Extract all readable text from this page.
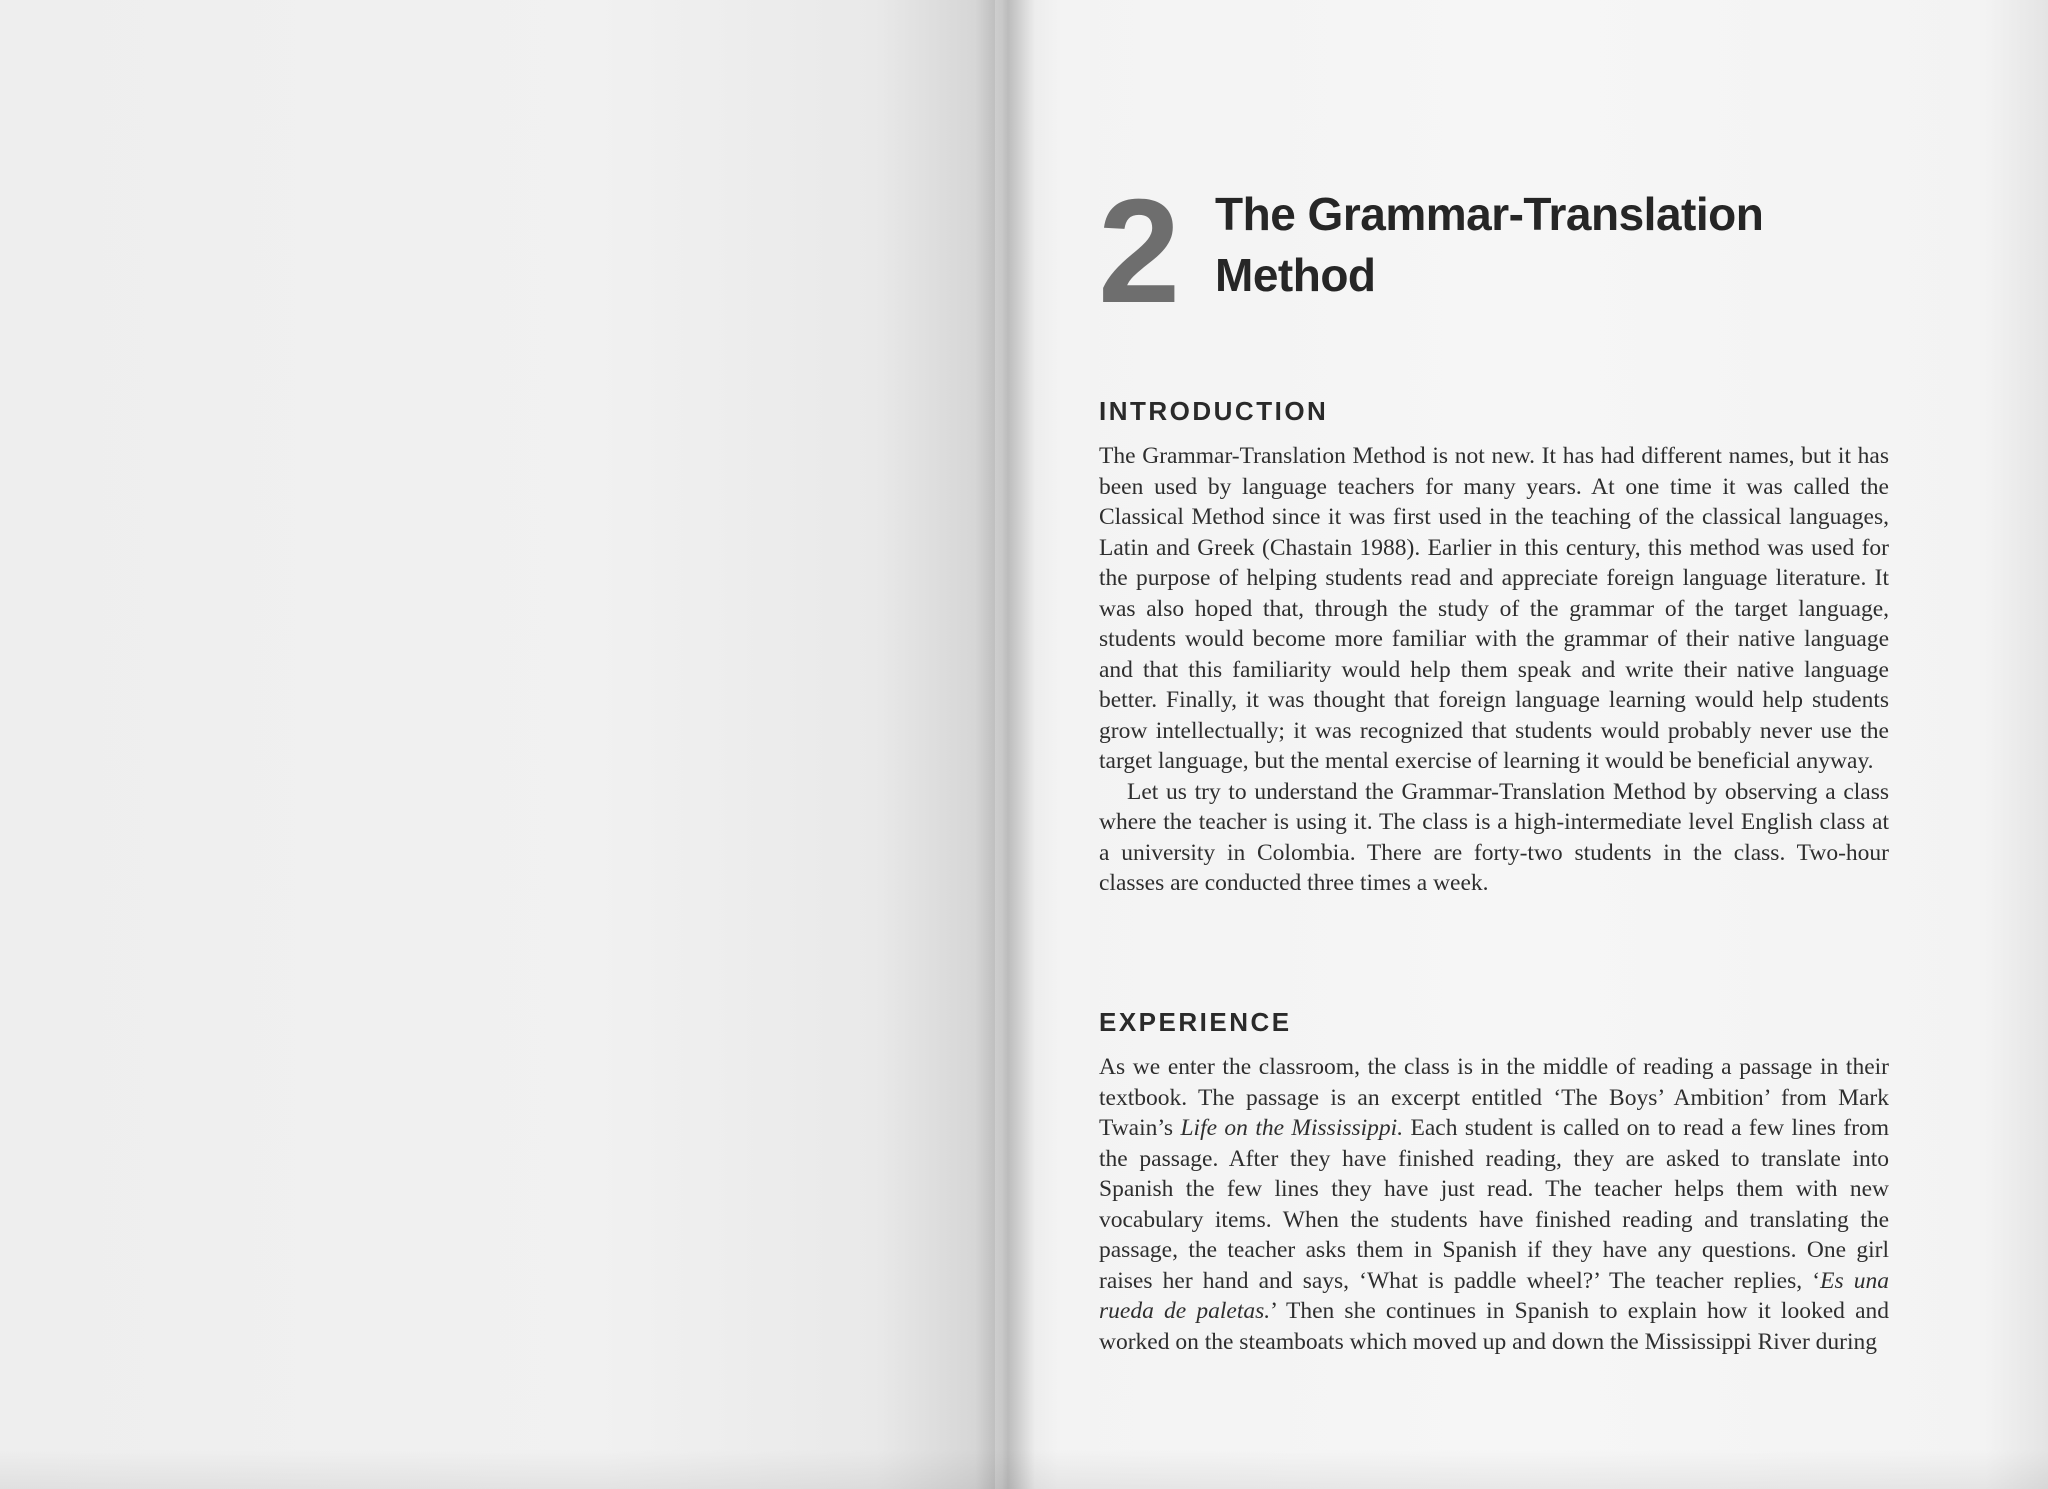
2 The Grammar-Translation
Method
INTRODUCTION

The Grammar-Translation Method is not new. It has had different names, but it has been used by language teachers for many years. At one time it was called the Classical Method since it was first used in the teaching of the classical languages, Latin and Greek (Chastain 1988). Earlier in this century, this method was used for the purpose of helping students read and appreciate foreign language literature. It was also hoped that, through the study of the grammar of the target language, students would become more familiar with the grammar of their native language and that this familiarity would help them speak and write their native language better. Finally, it was thought that foreign language learning would help students grow intellectually; it was recognized that students would probably never use the target language, but the mental exercise of learning it would be beneficial anyway.

Let us try to understand the Grammar-Translation Method by observing a class where the teacher is using it. The class is a high-intermediate level English class at a university in Colombia. There are forty-two students in the class. Two-hour classes are conducted three times a week.

EXPERIENCE

As we enter the classroom, the class is in the middle of reading a passage in their textbook. The passage is an excerpt entitled ‘The Boys’ Ambition’ from Mark Twain’s Life on the Mississippi. Each student is called on to read a few lines from the passage. After they have finished reading, they are asked to translate into Spanish the few lines they have just read. The teacher helps them with new vocabulary items. When the students have finished reading and translating the passage, the teacher asks them in Spanish if they have any questions. One girl raises her hand and says, ‘What is paddle wheel?’ The teacher replies, ‘Es una rueda de paletas.’ Then she continues in Spanish to explain how it looked and worked on the steamboats which moved up and down the Mississippi River during
